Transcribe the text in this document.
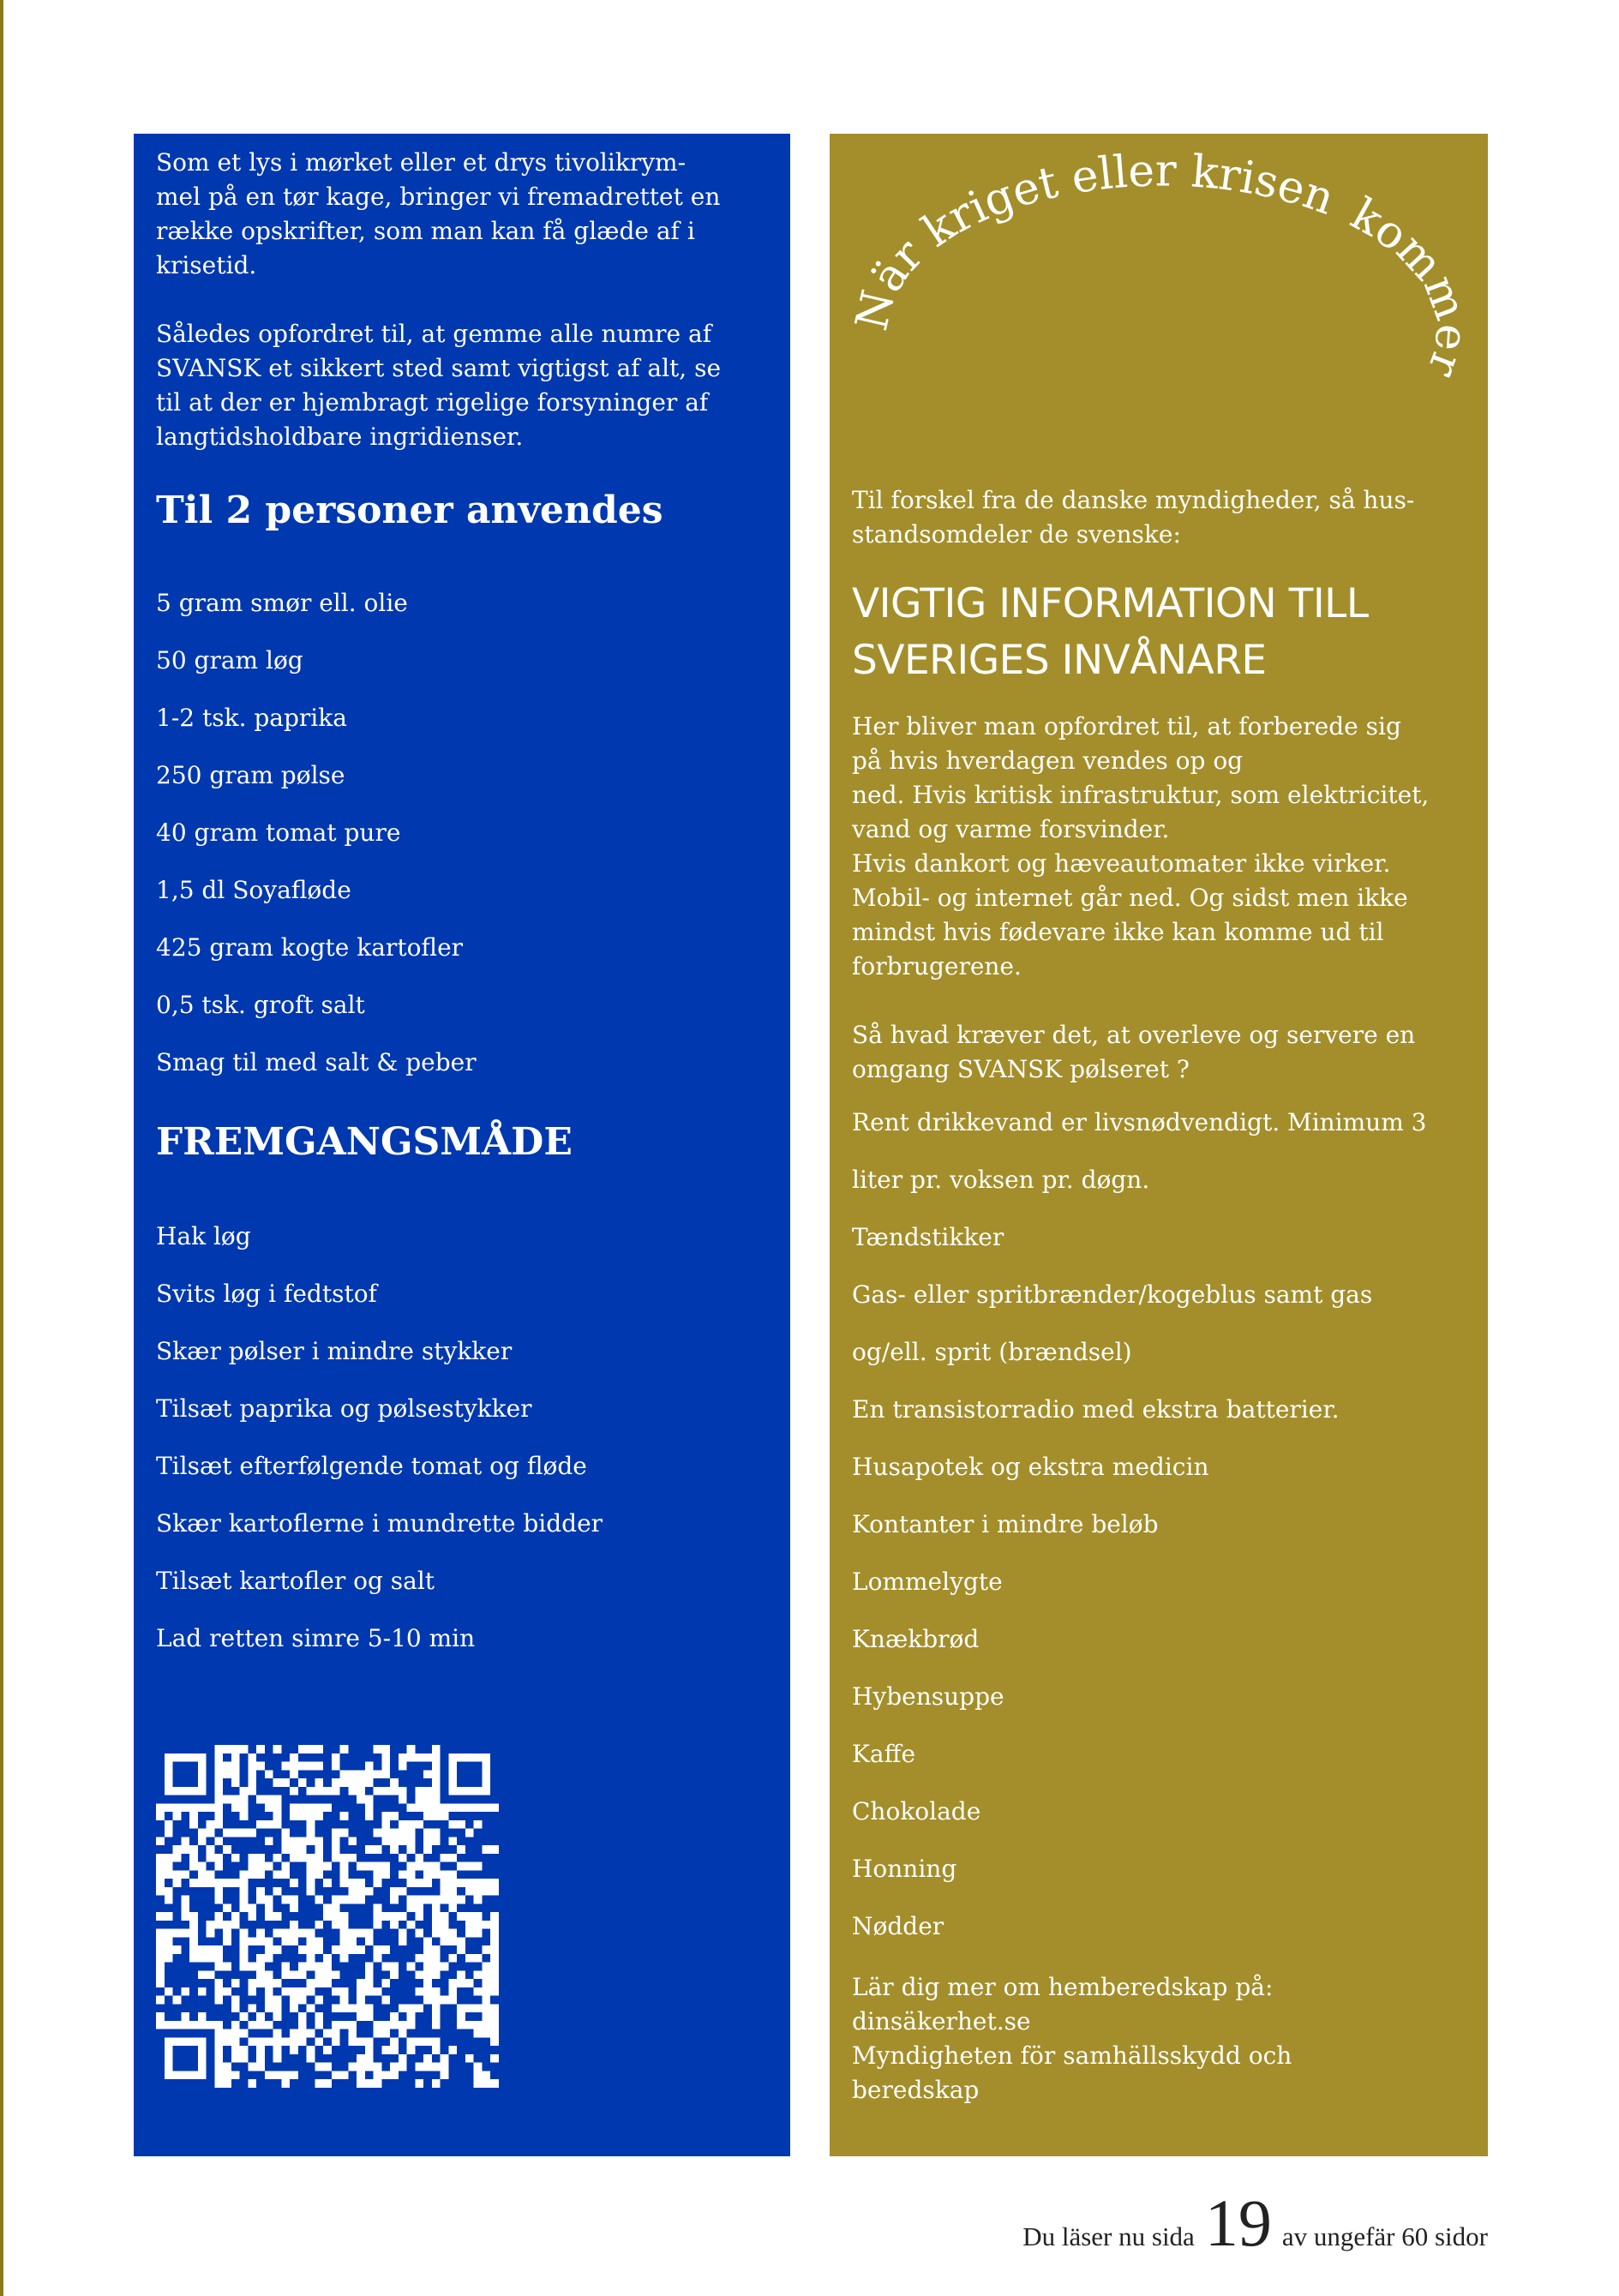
Som et lys i mørket eller et drys tivolikrym-
mel på en tør kage, bringer vi fremadrettet en
række opskrifter, som man kan få glæde af i
krisetid.

Således opfordret til, at gemme alle numre af
SVANSK et sikkert sted samt vigtigst af alt, se
til at der er hjembragt rigelige forsyninger af
langtidsholdbare ingridienser.

Til 2 personer anvendes
5 gram smør ell. olie
50 gram løg
1-2 tsk. paprika
250 gram pølse
40 gram tomat pure
1,5 dl Soyafløde
425 gram kogte kartofler
0,5 tsk. groft salt
Smag til med salt & peber
FREMGANGSMÅDE
Hak løg
Svits løg i fedtstof
Skær pølser i mindre stykker
Tilsæt paprika og pølsestykker
Tilsæt efterfølgende tomat og fløde
Skær kartoflerne i mundrette bidder
Tilsæt kartofler og salt
Lad retten simre 5-10 min
När kriget eller krisenkommer

Til forskel fra de danske myndigheder, så hus-
standsomdeler de svenske:

VIGTIG INFORMATION TILL
SVERIGES INVÅNARE

Her bliver man opfordret til, at forberede sig
på hvis hverdagen vendes op og
ned. Hvis kritisk infrastruktur, som elektricitet,
vand og varme forsvinder.
Hvis dankort og hæveautomater ikke virker.
Mobil- og internet går ned. Og sidst men ikke
mindst hvis fødevare ikke kan komme ud til
forbrugerene.

Så hvad kræver det, at overleve og servere en
omgang SVANSK pølseret ?

Rent drikkevand er livsnødvendigt. Minimum 3
liter pr. voksen pr. døgn.
Tændstikker
Gas- eller spritbrænder/kogeblus samt gas
og/ell. sprit (brændsel)
En transistorradio med ekstra batterier.
Husapotek og ekstra medicin
Kontanter i mindre beløb
Lommelygte
Knækbrød
Hybensuppe
Kaffe
Chokolade
Honning
Nødder

Lär dig mer om hemberedskap på:
dinsäkerhet.se
Myndigheten för samhällsskydd och
beredskap

Du läser nu sida 19 av ungefär 60 sidor
